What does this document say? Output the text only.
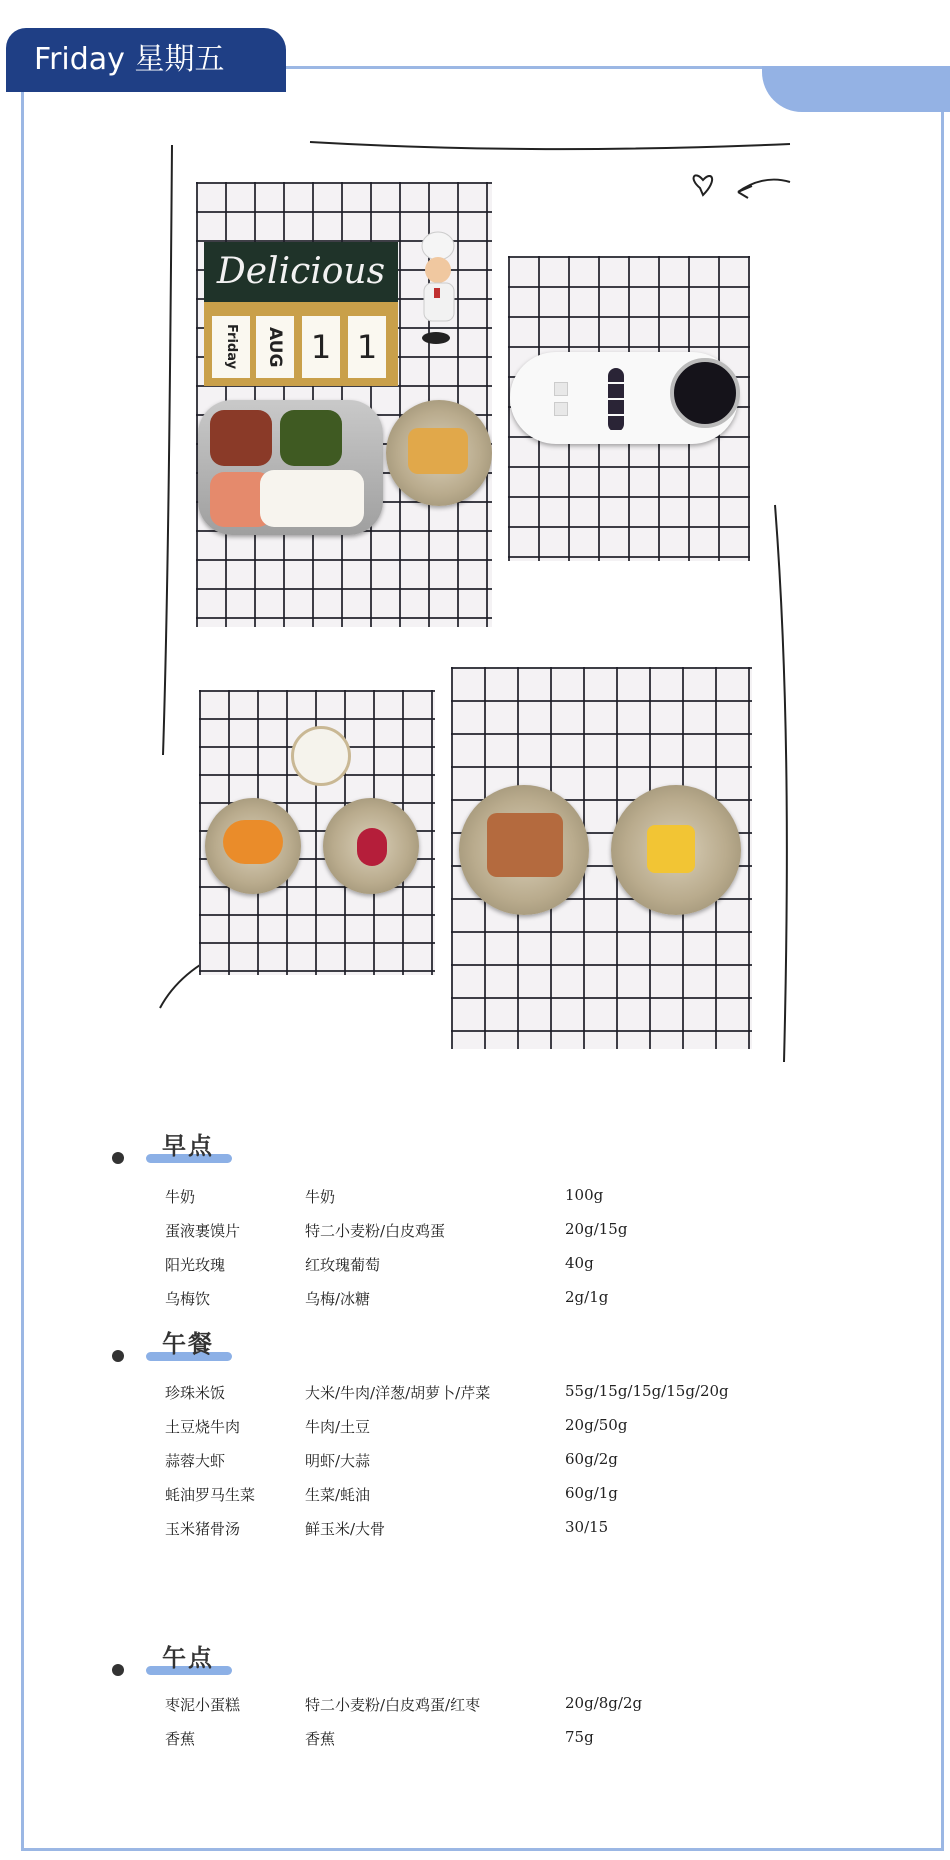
Friday 星期五
Delicious
Friday	AUG 1 1
早点
牛奶	牛奶	100g
蛋液裹馍片	特二小麦粉/白皮鸡蛋	20g/15g
阳光玫瑰	红玫瑰葡萄	40g
乌梅饮	乌梅/冰糖	2g/1g
午餐
珍珠米饭	大米/牛肉/洋葱/胡萝卜/芹菜	55g/15g/15g/15g/20g
土豆烧牛肉	牛肉/土豆	20g/50g
蒜蓉大虾	明虾/大蒜	60g/2g
蚝油罗马生菜	生菜/蚝油	60g/1g
玉米猪骨汤	鲜玉米/大骨	30/15
午点
枣泥小蛋糕	特二小麦粉/白皮鸡蛋/红枣	20g/8g/2g
香蕉	香蕉	75g
